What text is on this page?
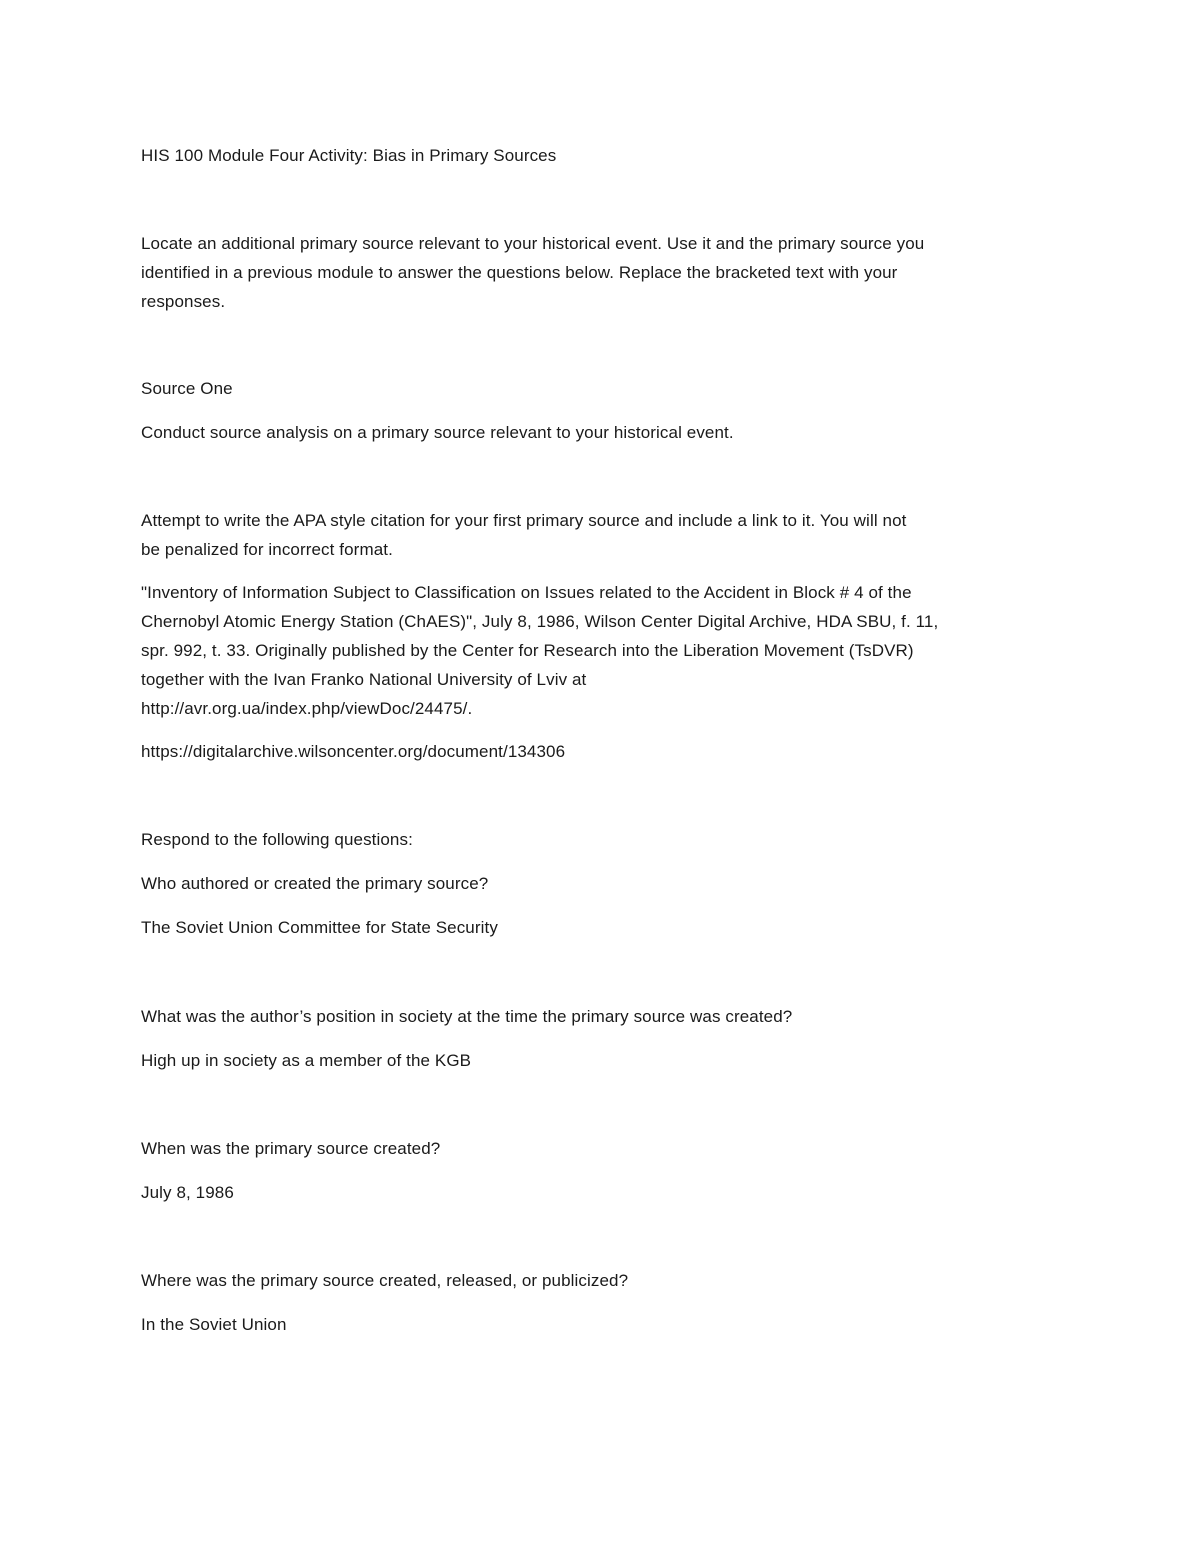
HIS 100 Module Four Activity: Bias in Primary Sources
Locate an additional primary source relevant to your historical event. Use it and the primary source you
identified in a previous module to answer the questions below. Replace the bracketed text with your
responses.
Source One
Conduct source analysis on a primary source relevant to your historical event.
Attempt to write the APA style citation for your first primary source and include a link to it. You will not
be penalized for incorrect format.
"Inventory of Information Subject to Classification on Issues related to the Accident in Block # 4 of the
Chernobyl Atomic Energy Station (ChAES)", July 8, 1986, Wilson Center Digital Archive, HDA SBU, f. 11,
spr. 992, t. 33. Originally published by the Center for Research into the Liberation Movement (TsDVR)
together with the Ivan Franko National University of Lviv at
http://avr.org.ua/index.php/viewDoc/24475/.
https://digitalarchive.wilsoncenter.org/document/134306
Respond to the following questions:
Who authored or created the primary source?
The Soviet Union Committee for State Security
What was the author’s position in society at the time the primary source was created?
High up in society as a member of the KGB
When was the primary source created?
July 8, 1986
Where was the primary source created, released, or publicized?
In the Soviet Union
